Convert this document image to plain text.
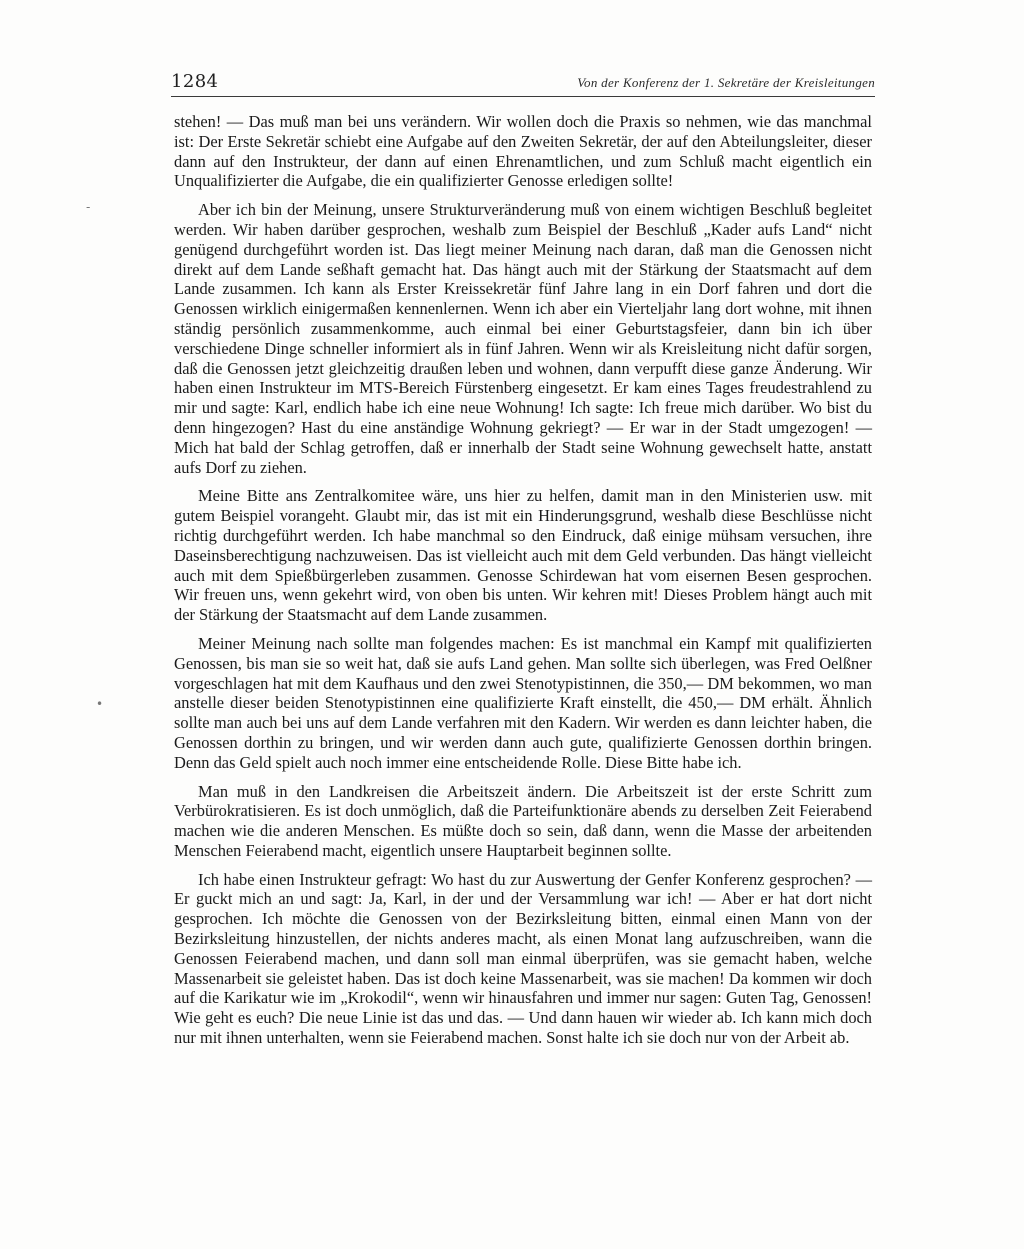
1284	Von der Konferenz der 1. Sekretäre der Kreisleitungen

stehen! — Das muß man bei uns verändern. Wir wollen doch die Praxis so nehmen, wie das manchmal ist: Der Erste Sekretär schiebt eine Aufgabe auf den Zweiten Sekretär, der auf den Abteilungsleiter, dieser dann auf den Instrukteur, der dann auf einen Ehrenamtlichen, und zum Schluß macht eigentlich ein Unqualifizierter die Aufgabe, die ein qualifizierter Genosse erledigen sollte!

Aber ich bin der Meinung, unsere Strukturveränderung muß von einem wichtigen Beschluß begleitet werden. Wir haben darüber gesprochen, weshalb zum Beispiel der Beschluß „Kader aufs Land“ nicht genügend durchgeführt worden ist. Das liegt meiner Meinung nach daran, daß man die Genossen nicht direkt auf dem Lande seßhaft gemacht hat. Das hängt auch mit der Stärkung der Staatsmacht auf dem Lande zusammen. Ich kann als Erster Kreissekretär fünf Jahre lang in ein Dorf fahren und dort die Genossen wirklich einigermaßen kennenlernen. Wenn ich aber ein Vierteljahr lang dort wohne, mit ihnen ständig persönlich zusammenkomme, auch einmal bei einer Geburtstagsfeier, dann bin ich über verschiedene Dinge schneller informiert als in fünf Jahren. Wenn wir als Kreisleitung nicht dafür sorgen, daß die Genossen jetzt gleichzeitig draußen leben und wohnen, dann verpufft diese ganze Änderung. Wir haben einen Instrukteur im MTS-Bereich Fürstenberg eingesetzt. Er kam eines Tages freudestrahlend zu mir und sagte: Karl, endlich habe ich eine neue Wohnung! Ich sagte: Ich freue mich darüber. Wo bist du denn hingezogen? Hast du eine anständige Wohnung gekriegt? — Er war in der Stadt umgezogen! — Mich hat bald der Schlag getroffen, daß er innerhalb der Stadt seine Wohnung gewechselt hatte, anstatt aufs Dorf zu ziehen.

Meine Bitte ans Zentralkomitee wäre, uns hier zu helfen, damit man in den Ministerien usw. mit gutem Beispiel vorangeht. Glaubt mir, das ist mit ein Hinderungsgrund, weshalb diese Beschlüsse nicht richtig durchgeführt werden. Ich habe manchmal so den Eindruck, daß einige mühsam versuchen, ihre Daseinsberechtigung nachzuweisen. Das ist vielleicht auch mit dem Geld verbunden. Das hängt vielleicht auch mit dem Spießbürgerleben zusammen. Genosse Schirdewan hat vom eisernen Besen gesprochen. Wir freuen uns, wenn gekehrt wird, von oben bis unten. Wir kehren mit! Dieses Problem hängt auch mit der Stärkung der Staatsmacht auf dem Lande zusammen.

Meiner Meinung nach sollte man folgendes machen: Es ist manchmal ein Kampf mit qualifizierten Genossen, bis man sie so weit hat, daß sie aufs Land gehen. Man sollte sich überlegen, was Fred Oelßner vorgeschlagen hat mit dem Kaufhaus und den zwei Stenotypistinnen, die 350,— DM bekommen, wo man anstelle dieser beiden Stenotypistinnen eine qualifizierte Kraft einstellt, die 450,— DM erhält. Ähnlich sollte man auch bei uns auf dem Lande verfahren mit den Kadern. Wir werden es dann leichter haben, die Genossen dorthin zu bringen, und wir werden dann auch gute, qualifizierte Genossen dorthin bringen. Denn das Geld spielt auch noch immer eine entscheidende Rolle. Diese Bitte habe ich.

Man muß in den Landkreisen die Arbeitszeit ändern. Die Arbeitszeit ist der erste Schritt zum Verbürokratisieren. Es ist doch unmöglich, daß die Parteifunktionäre abends zu derselben Zeit Feierabend machen wie die anderen Menschen. Es müßte doch so sein, daß dann, wenn die Masse der arbeitenden Menschen Feierabend macht, eigentlich unsere Hauptarbeit beginnen sollte.

Ich habe einen Instrukteur gefragt: Wo hast du zur Auswertung der Genfer Konferenz gesprochen? — Er guckt mich an und sagt: Ja, Karl, in der und der Versammlung war ich! — Aber er hat dort nicht gesprochen. Ich möchte die Genossen von der Bezirksleitung bitten, einmal einen Mann von der Bezirksleitung hinzustellen, der nichts anderes macht, als einen Monat lang aufzuschreiben, wann die Genossen Feierabend machen, und dann soll man einmal überprüfen, was sie gemacht haben, welche Massenarbeit sie geleistet haben. Das ist doch keine Massenarbeit, was sie machen! Da kommen wir doch auf die Karikatur wie im „Krokodil“, wenn wir hinausfahren und immer nur sagen: Guten Tag, Genossen! Wie geht es euch? Die neue Linie ist das und das. — Und dann hauen wir wieder ab. Ich kann mich doch nur mit ihnen unterhalten, wenn sie Feierabend machen. Sonst halte ich sie doch nur von der Arbeit ab.

•
-
